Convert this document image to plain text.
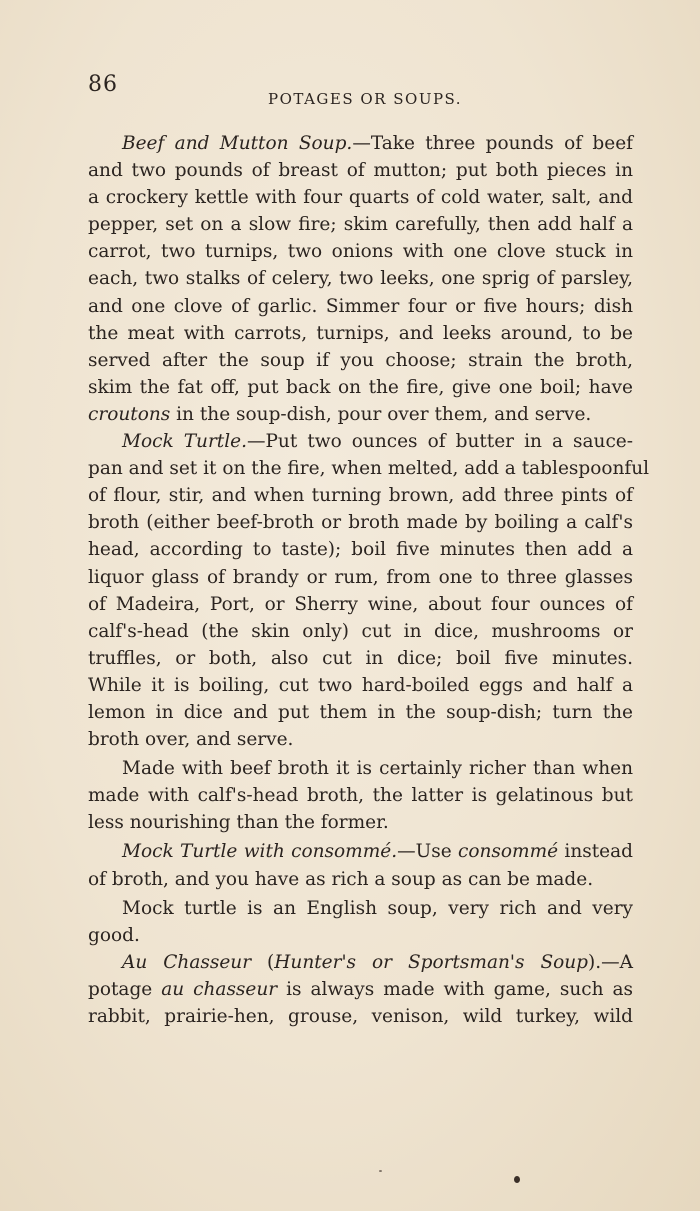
86
POTAGES OR SOUPS.

Beef and Mutton Soup.—Take three pounds of beef

and two pounds of breast of mutton; put both pieces in

a crockery kettle with four quarts of cold water, salt, and

pepper, set on a slow fire; skim carefully, then add half a

carrot, two turnips, two onions with one clove stuck in

each, two stalks of celery, two leeks, one sprig of parsley,

and one clove of garlic. Simmer four or five hours; dish

the meat with carrots, turnips, and leeks around, to be

served after the soup if you choose; strain the broth,

skim the fat off, put back on the fire, give one boil; have

croutons in the soup-dish, pour over them, and serve.

Mock Turtle.—Put two ounces of butter in a sauce-

pan and set it on the fire, when melted, add a tablespoonful

of flour, stir, and when turning brown, add three pints of

broth (either beef-broth or broth made by boiling a calf's

head, according to taste); boil five minutes then add a

liquor glass of brandy or rum, from one to three glasses

of Madeira, Port, or Sherry wine, about four ounces of

calf's-head (the skin only) cut in dice, mushrooms or

truffles, or both, also cut in dice; boil five minutes.

While it is boiling, cut two hard-boiled eggs and half a

lemon in dice and put them in the soup-dish; turn the

broth over, and serve.

Made with beef broth it is certainly richer than when

made with calf's-head broth, the latter is gelatinous but

less nourishing than the former.

Mock Turtle with consommé.—Use consommé instead

of broth, and you have as rich a soup as can be made.

Mock turtle is an English soup, very rich and very

good.

Au Chasseur (Hunter's or Sportsman's Soup).—A

potage au chasseur is always made with game, such as

rabbit, prairie-hen, grouse, venison, wild turkey, wild
